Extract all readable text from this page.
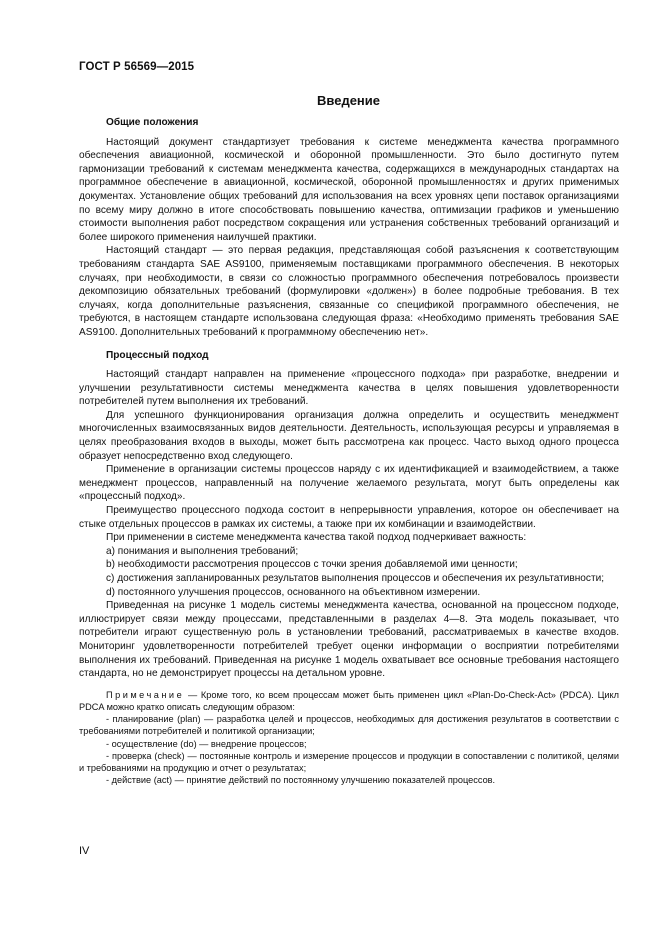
ГОСТ Р 56569—2015
Введение

Общие положения

Настоящий документ стандартизует требования к системе менеджмента качества программного обеспечения авиационной, космической и оборонной промышленности. Это было достигнуто путем гармонизации требований к системам менеджмента качества, содержащихся в международных стандартах на программное обеспечение в авиационной, космической, оборонной промышленностях и других применимых документах. Установление общих требований для использования на всех уровнях цепи поставок организациями по всему миру должно в итоге способствовать повышению качества, оптимизации графиков и уменьшению стоимости выполнения работ посредством сокращения или устранения собственных требований организаций и более широкого применения наилучшей практики.

Настоящий стандарт — это первая редакция, представляющая собой разъяснения к соответствующим требованиям стандарта SAE AS9100, применяемым поставщиками программного обеспечения. В некоторых случаях, при необходимости, в связи со сложностью программного обеспечения потребовалось произвести декомпозицию обязательных требований (формулировки «должен») в более подробные требования. В тех случаях, когда дополнительные разъяснения, связанные со спецификой программного обеспечения, не требуются, в настоящем стандарте использована следующая фраза: «Необходимо применять требования SAE AS9100. Дополнительных требований к программному обеспечению нет».

Процессный подход

Настоящий стандарт направлен на применение «процессного подхода» при разработке, внедрении и улучшении результативности системы менеджмента качества в целях повышения удовлетворенности потребителей путем выполнения их требований.

Для успешного функционирования организация должна определить и осуществить менеджмент многочисленных взаимосвязанных видов деятельности. Деятельность, использующая ресурсы и управляемая в целях преобразования входов в выходы, может быть рассмотрена как процесс. Часто выход одного процесса образует непосредственно вход следующего.

Применение в организации системы процессов наряду с их идентификацией и взаимодействием, а также менеджмент процессов, направленный на получение желаемого результата, могут быть определены как «процессный подход».

Преимущество процессного подхода состоит в непрерывности управления, которое он обеспечивает на стыке отдельных процессов в рамках их системы, а также при их комбинации и взаимодействии.

При применении в системе менеджмента качества такой подход подчеркивает важность:

а) понимания и выполнения требований;

b) необходимости рассмотрения процессов с точки зрения добавляемой ими ценности;

с) достижения запланированных результатов выполнения процессов и обеспечения их результативности;

d) постоянного улучшения процессов, основанного на объективном измерении.

Приведенная на рисунке 1 модель системы менеджмента качества, основанной на процессном подходе, иллюстрирует связи между процессами, представленными в разделах 4—8. Эта модель показывает, что потребители играют существенную роль в установлении требований, рассматриваемых в качестве входов. Мониторинг удовлетворенности потребителей требует оценки информации о восприятии потребителями выполнения их требований. Приведенная на рисунке 1 модель охватывает все основные требования настоящего стандарта, но не демонстрирует процессы на детальном уровне.

Примечание — Кроме того, ко всем процессам может быть применен цикл «Plan-Do-Check-Act» (PDCA). Цикл PDCA можно кратко описать следующим образом:

- планирование (plan) — разработка целей и процессов, необходимых для достижения результатов в соответствии с требованиями потребителей и политикой организации;

- осуществление (do) — внедрение процессов;

- проверка (check) — постоянные контроль и измерение процессов и продукции в сопоставлении с политикой, целями и требованиями на продукцию и отчет о результатах;

- действие (act) — принятие действий по постоянному улучшению показателей процессов.

IV
